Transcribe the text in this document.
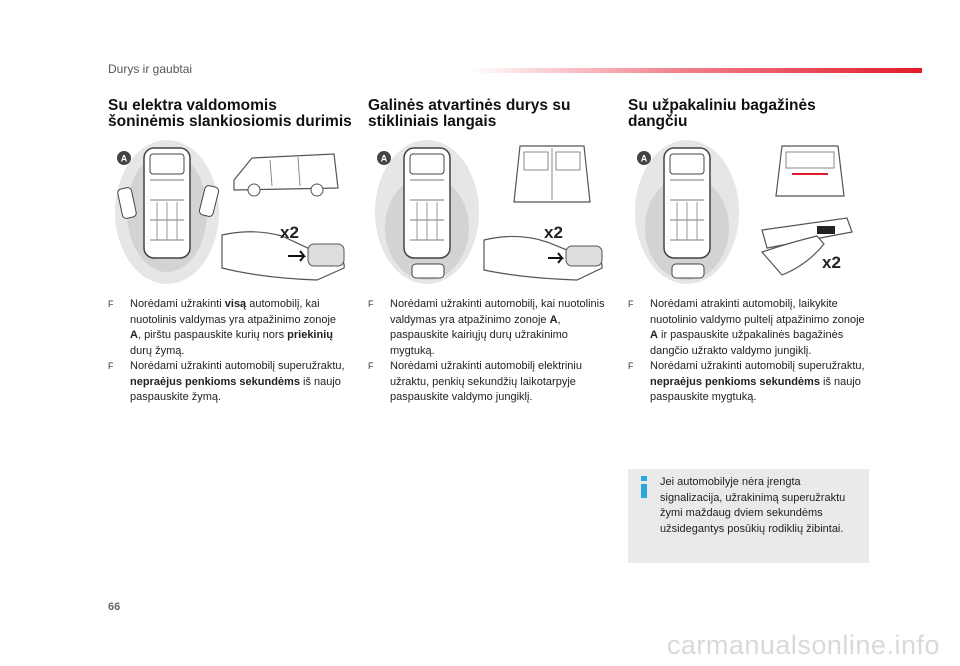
Durys ir gaubtai
Su elektra valdomomis
šoninėmis slankiosiomis durimis
Galinės atvartinės durys su
stikliniais langais
Su užpakaliniu bagažinės
dangčiu
A
x2
A
x2
A
x2
F Norėdami užrakinti visą automobilį, kai nuotolinis valdymas yra atpažinimo zonoje A, pirštu paspauskite kurių nors priekinių durų žymą.
F Norėdami užrakinti automobilį superužraktu, nepraėjus penkioms sekundėms iš naujo paspauskite žymą.
F Norėdami užrakinti automobilį, kai nuotolinis valdymas yra atpažinimo zonoje A, paspauskite kairiųjų durų užrakinimo mygtuką.
F Norėdami užrakinti automobilį elektriniu užraktu, penkių sekundžių laikotarpyje paspauskite valdymo jungiklį.
F Norėdami atrakinti automobilį, laikykite nuotolinio valdymo pultelį atpažinimo zonoje A ir paspauskite užpakalinės bagažinės dangčio užrakto valdymo jungiklį.
F Norėdami užrakinti automobilį superužraktu, nepraėjus penkioms sekundėms iš naujo paspauskite mygtuką.
Jei automobilyje nėra įrengta signalizacija, užrakinimą superužraktu žymi maždaug dviem sekundėms užsidegantys posūkių rodiklių žibintai.
66
carmanualsonline.info
